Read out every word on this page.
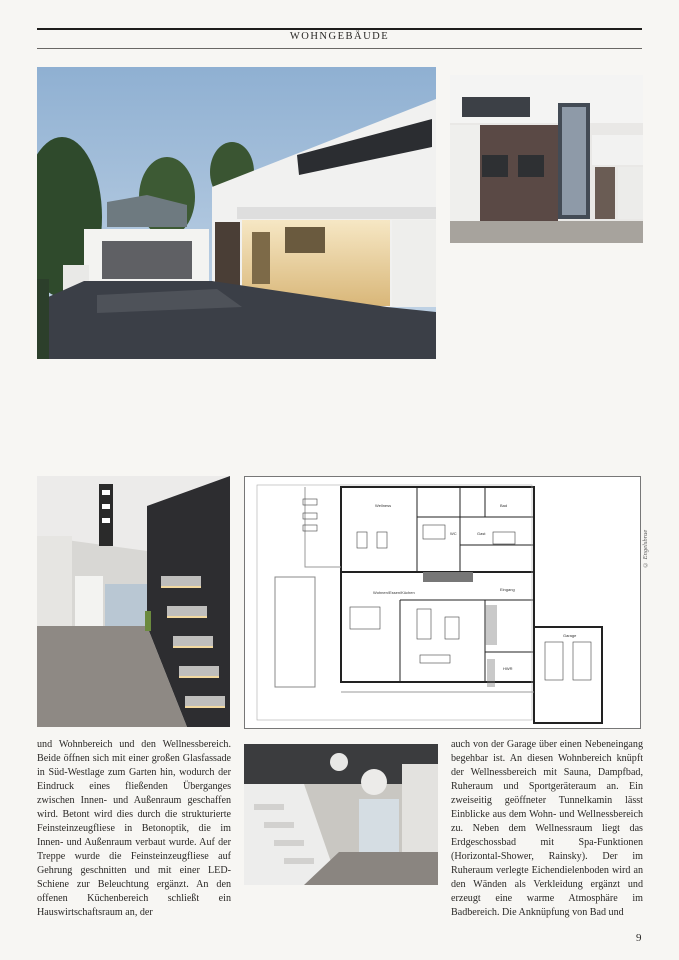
WOHNGEBÄUDE
Wellness	Bad
WC	Gast
Wohnen/Essen/Küchen
Eingang
Garage
HWR
© Engelsbrue

und Wohnbereich und den Wellnessbereich. Beide öffnen sich mit einer großen Glasfassade in Süd-Westlage zum Garten hin, wodurch der Eindruck eines fließenden Überganges zwischen Innen- und Außenraum geschaffen wird. Betont wird dies durch die strukturierte Feinsteinzeugfliese in Betonoptik, die im Innen- und Außenraum verbaut wurde. Auf der Treppe wurde die Feinsteinzeugfliese auf Gehrung geschnitten und mit einer LED-Schiene zur Beleuchtung ergänzt. An den offenen Küchenbereich schließt ein Hauswirtschaftsraum an, der

auch von der Garage über einen Nebeneingang begehbar ist. An diesen Wohnbereich knüpft der Wellnessbereich mit Sauna, Dampfbad, Ruheraum und Sportgeräteraum an. Ein zweiseitig geöffneter Tunnelkamin lässt Einblicke aus dem Wohn- und Wellnessbereich zu. Neben dem Wellnessraum liegt das Erdgeschossbad mit Spa-Funktionen (Horizontal-Shower, Rainsky). Der im Ruheraum verlegte Eichendielenboden wird an den Wänden als Verkleidung ergänzt und erzeugt eine warme Atmosphäre im Badbereich. Die Anknüpfung von Bad und

9
